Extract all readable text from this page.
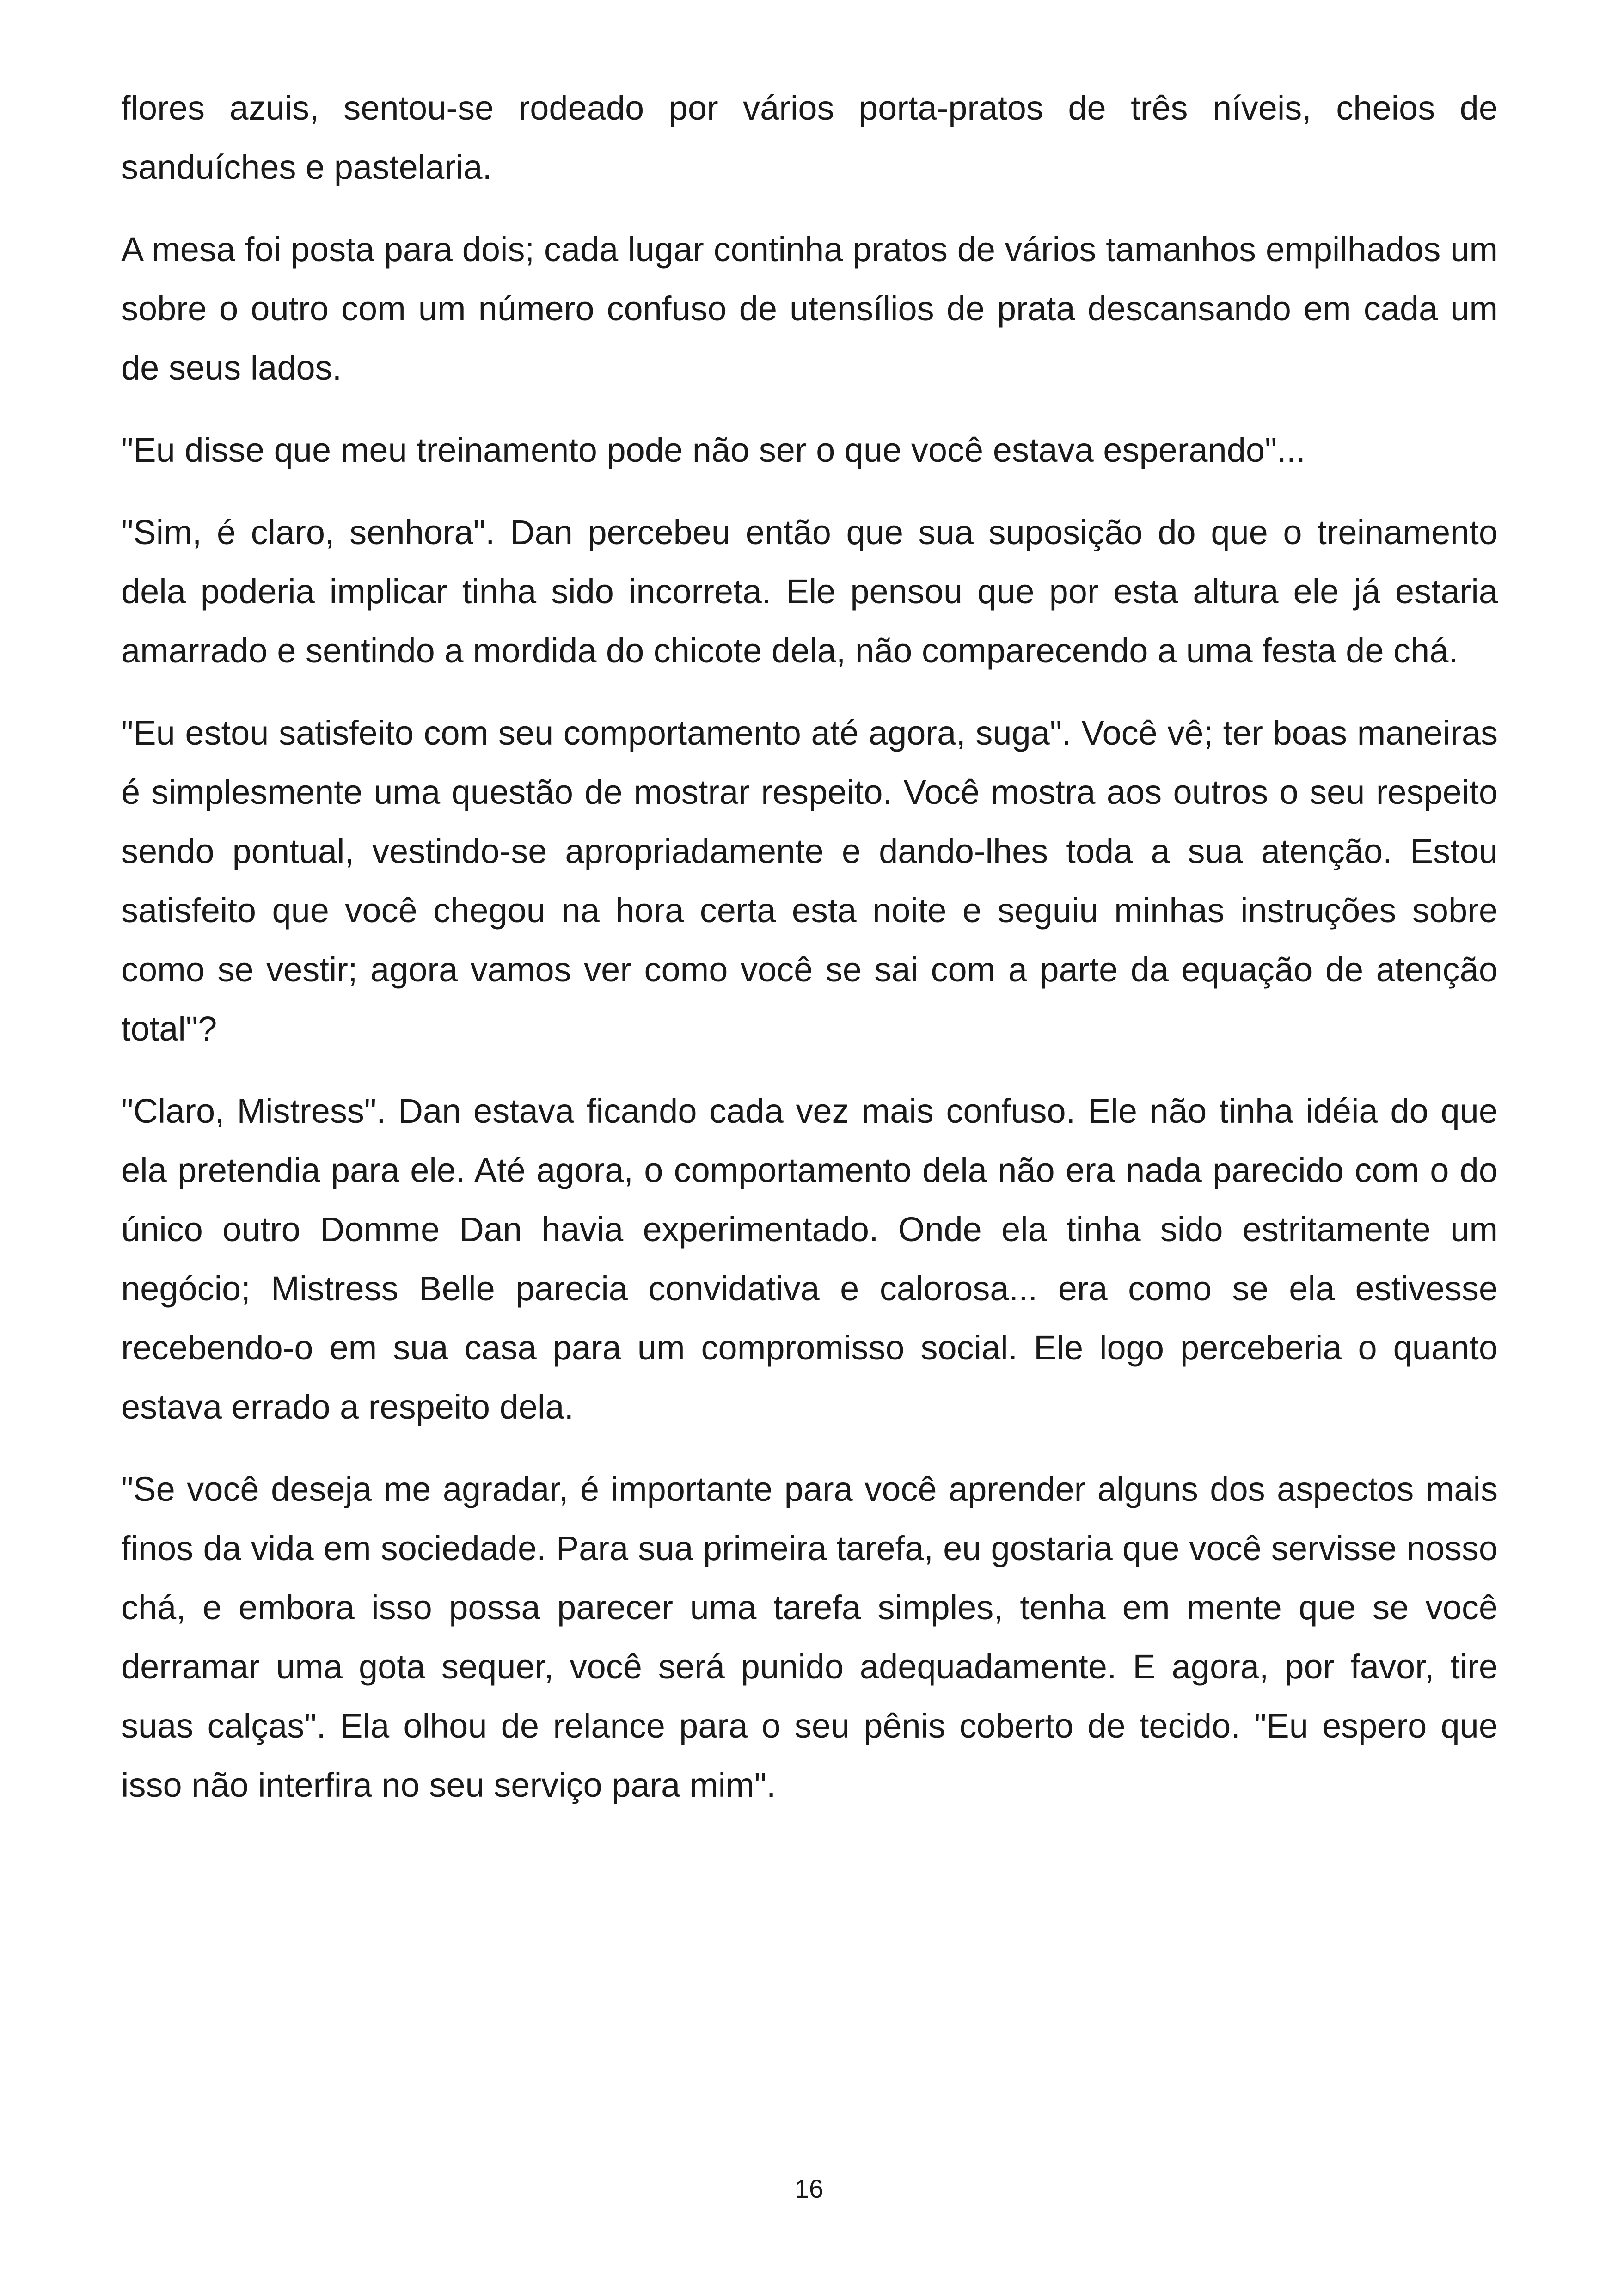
flores azuis, sentou-se rodeado por vários porta-pratos de três níveis, cheios de sanduíches e pastelaria.

A mesa foi posta para dois; cada lugar continha pratos de vários tamanhos empilhados um sobre o outro com um número confuso de utensílios de prata descansando em cada um de seus lados.

"Eu disse que meu treinamento pode não ser o que você estava esperando"...

"Sim, é claro, senhora". Dan percebeu então que sua suposição do que o treinamento dela poderia implicar tinha sido incorreta. Ele pensou que por esta altura ele já estaria amarrado e sentindo a mordida do chicote dela, não comparecendo a uma festa de chá.

"Eu estou satisfeito com seu comportamento até agora, suga". Você vê; ter boas maneiras é simplesmente uma questão de mostrar respeito. Você mostra aos outros o seu respeito sendo pontual, vestindo-se apropriadamente e dando-lhes toda a sua atenção. Estou satisfeito que você chegou na hora certa esta noite e seguiu minhas instruções sobre como se vestir; agora vamos ver como você se sai com a parte da equação de atenção total"?

"Claro, Mistress". Dan estava ficando cada vez mais confuso. Ele não tinha idéia do que ela pretendia para ele. Até agora, o comportamento dela não era nada parecido com o do único outro Domme Dan havia experimentado. Onde ela tinha sido estritamente um negócio; Mistress Belle parecia convidativa e calorosa... era como se ela estivesse recebendo-o em sua casa para um compromisso social. Ele logo perceberia o quanto estava errado a respeito dela.

"Se você deseja me agradar, é importante para você aprender alguns dos aspectos mais finos da vida em sociedade. Para sua primeira tarefa, eu gostaria que você servisse nosso chá, e embora isso possa parecer uma tarefa simples, tenha em mente que se você derramar uma gota sequer, você será punido adequadamente. E agora, por favor, tire suas calças". Ela olhou de relance para o seu pênis coberto de tecido. "Eu espero que isso não interfira no seu serviço para mim".

16
